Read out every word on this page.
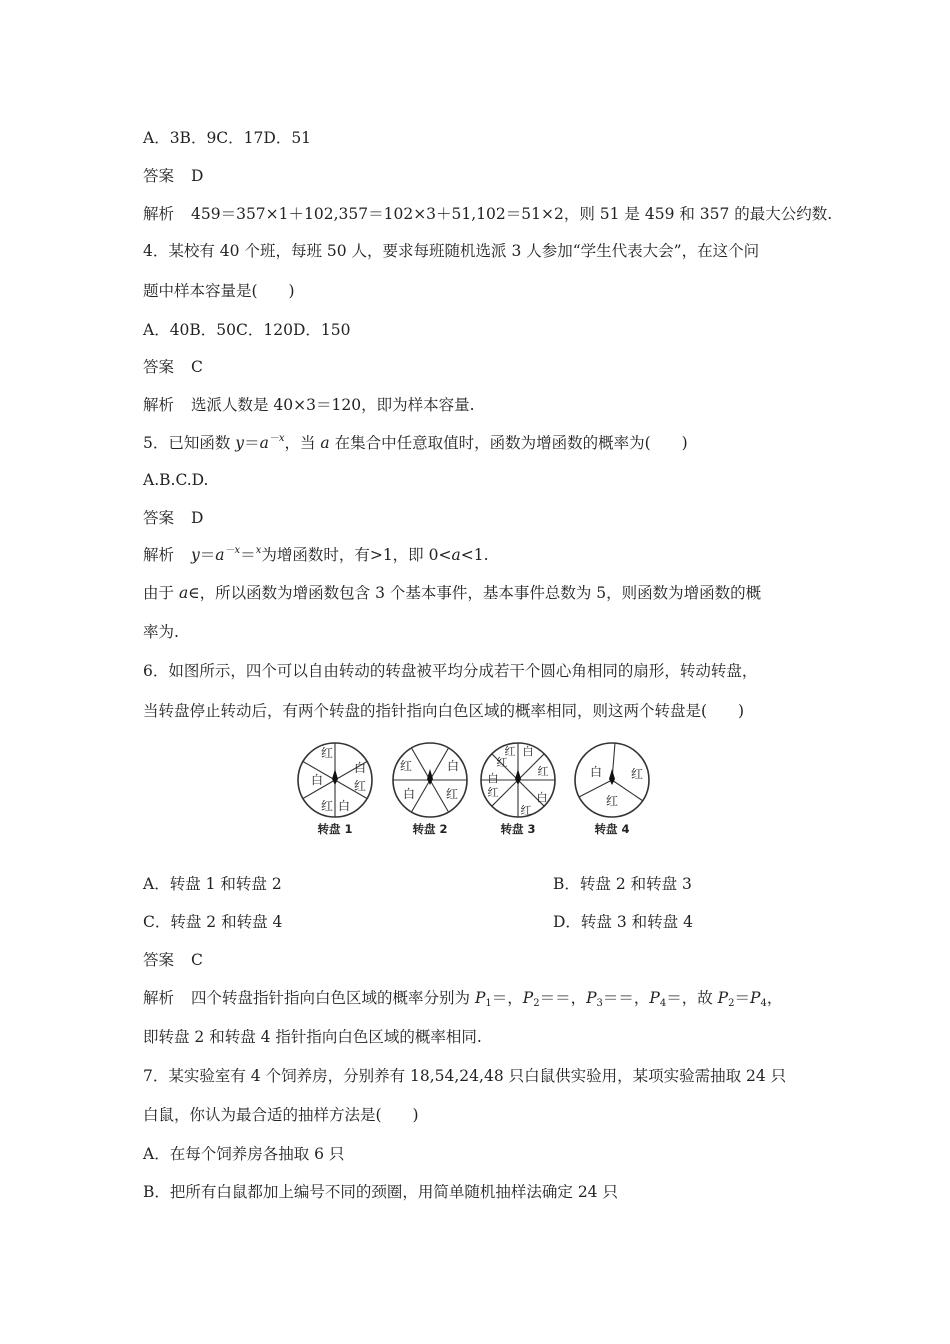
A．3B．9C．17D．51
答案 D
解析 459＝357×1＋102,357＝102×3＋51,102＝51×2，则 51 是 459 和 357 的最大公约数.
4．某校有 40 个班，每班 50 人，要求每班随机选派 3 人参加“学生代表大会”，在这个问
题中样本容量是(　　)
A．40B．50C．120D．150
答案 C
解析 选派人数是 40×3＝120，即为样本容量.
5．已知函数 $y=a^{-x}$，当 a 在集合中任意取值时，函数为增函数的概率为(　　)
A.B.C.D.
答案 D
解析 $y=a^{-x}=^x$为增函数时，有>1，即 0<a<1.
由于 a∈，所以函数为增函数包含 3 个基本事件，基本事件总数为 5，则函数为增函数的概
率为.
6．如图所示，四个可以自由转动的转盘被平均分成若干个圆心角相同的扇形，转动转盘，
当转盘停止转动后，有两个转盘的指针指向白色区域的概率相同，则这两个转盘是(　　)
红
白
红 白
红
白
转盘 1
红	白
白	红
转盘 2
红 白
红
白
红
红
白
红
转盘 3
白 红
红
转盘 4
A．转盘 1 和转盘 2	B．转盘 2 和转盘 3
C．转盘 2 和转盘 4	D．转盘 3 和转盘 4
答案 C
解析 四个转盘指针指向白色区域的概率分别为 $P_1=$，$P_2==$，$P_3==$，$P_4=$，故 $P_2=P_4$，
即转盘 2 和转盘 4 指针指向白色区域的概率相同.
7．某实验室有 4 个饲养房，分别养有 18,54,24,48 只白鼠供实验用，某项实验需抽取 24 只
白鼠，你认为最合适的抽样方法是(　　)
A．在每个饲养房各抽取 6 只
B．把所有白鼠都加上编号不同的颈圈，用简单随机抽样法确定 24 只
